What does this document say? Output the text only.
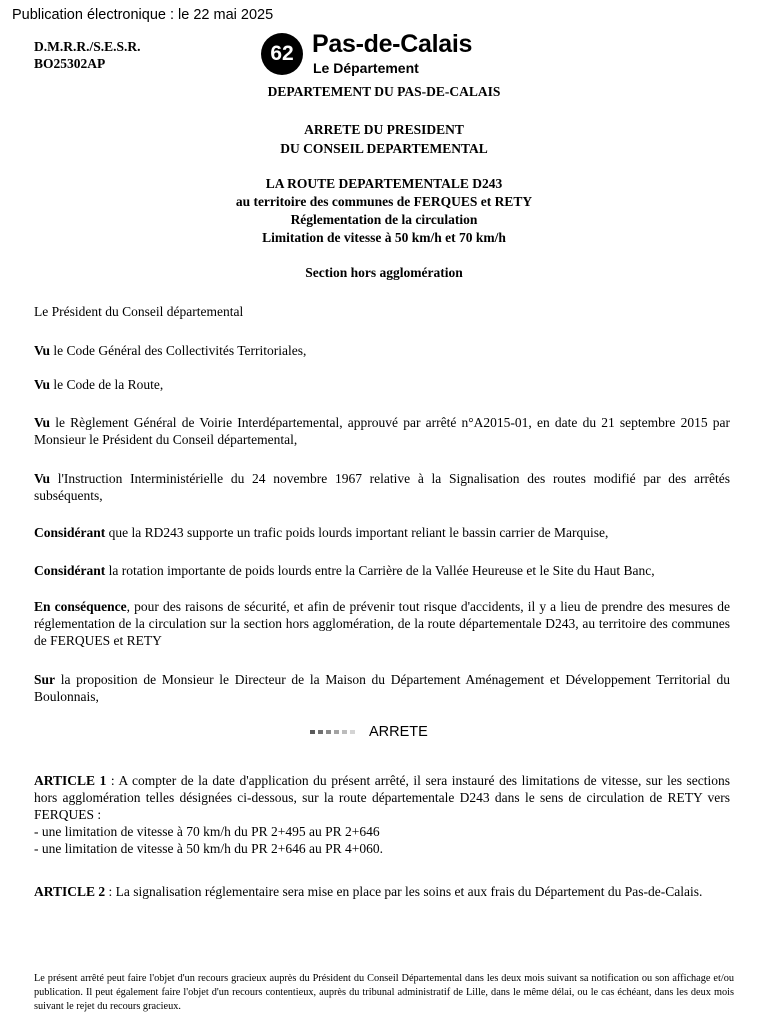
Publication électronique : le 22 mai 2025
D.M.R.R./S.E.S.R.
BO25302AP	62 Pas-de-Calais
Le Département
DEPARTEMENT DU PAS-DE-CALAIS
ARRETE DU PRESIDENT
DU CONSEIL DEPARTEMENTAL
LA ROUTE DEPARTEMENTALE D243
au territoire des communes de FERQUES et RETY
Réglementation de la circulation
Limitation de vitesse à 50 km/h et 70 km/h
Section hors agglomération
Le Président du Conseil départemental
Vu le Code Général des Collectivités Territoriales,
Vu le Code de la Route,
Vu le Règlement Général de Voirie Interdépartemental, approuvé par arrêté n°A2015-01, en date du 21 septembre 2015 par Monsieur le Président du Conseil départemental,
Vu l'Instruction Interministérielle du 24 novembre 1967 relative à la Signalisation des routes modifié par des arrêtés subséquents,
Considérant que la RD243 supporte un trafic poids lourds important reliant le bassin carrier de Marquise,
Considérant la rotation importante de poids lourds entre la Carrière de la Vallée Heureuse et le Site du Haut Banc,
En conséquence, pour des raisons de sécurité, et afin de prévenir tout risque d'accidents, il y a lieu de prendre des mesures de réglementation de la circulation sur la section hors agglomération, de la route départementale D243, au territoire des communes de FERQUES et RETY
Sur la proposition de Monsieur le Directeur de la Maison du Département Aménagement et Développement Territorial du Boulonnais,
ARRETE
ARTICLE 1 : A compter de la date d'application du présent arrêté, il sera instauré des limitations de vitesse, sur les sections hors agglomération telles désignées ci-dessous, sur la route départementale D243 dans le sens de circulation de RETY vers FERQUES :
- une limitation de vitesse à 70 km/h du PR 2+495 au PR 2+646
- une limitation de vitesse à 50 km/h du PR 2+646 au PR 4+060.
ARTICLE 2 : La signalisation réglementaire sera mise en place par les soins et aux frais du Département du Pas-de-Calais.
Le présent arrêté peut faire l'objet d'un recours gracieux auprès du Président du Conseil Départemental dans les deux mois suivant sa notification ou son affichage et/ou publication. Il peut également faire l'objet d'un recours contentieux, auprès du tribunal administratif de Lille, dans le même délai, ou le cas échéant, dans les deux mois suivant le rejet du recours gracieux.
